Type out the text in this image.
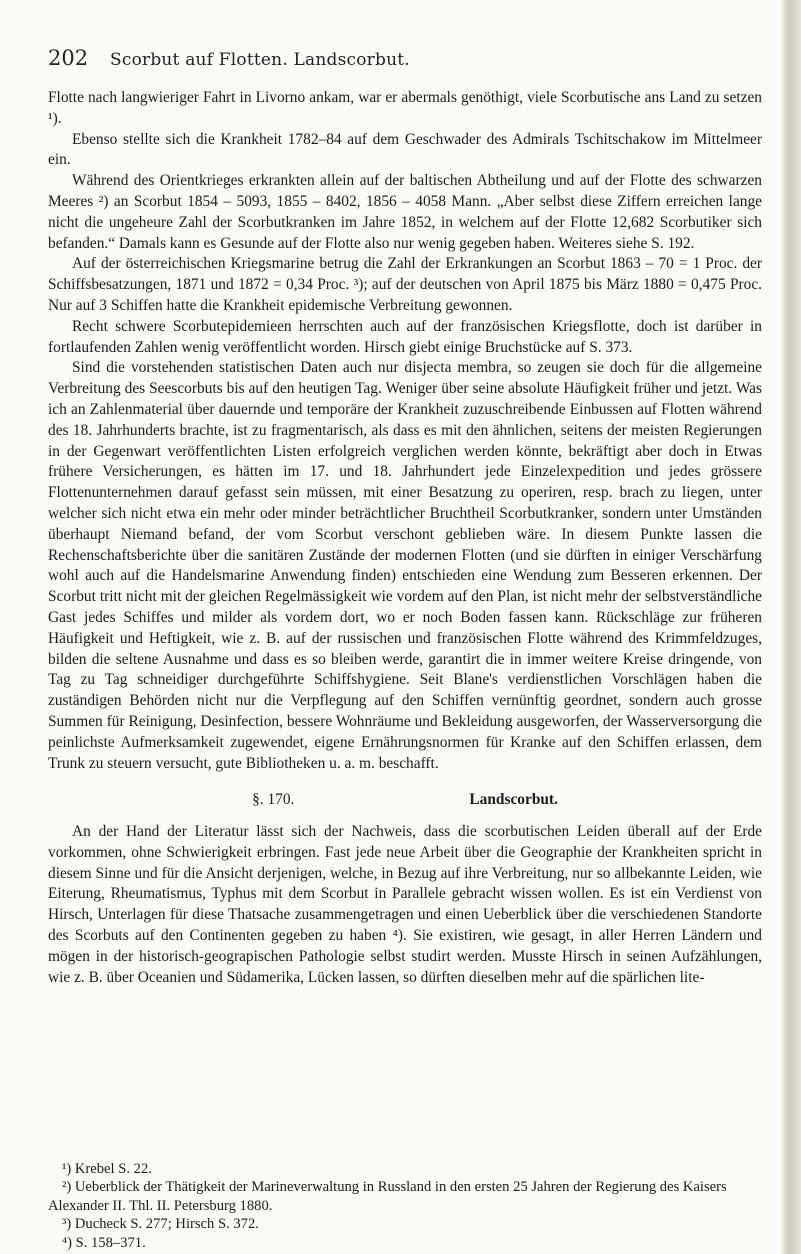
202 Scorbut auf Flotten. Landscorbut.

Flotte nach langwieriger Fahrt in Livorno ankam, war er abermals genöthigt, viele Scorbutische ans Land zu setzen ¹).

Ebenso stellte sich die Krankheit 1782–84 auf dem Geschwader des Admirals Tschitschakow im Mittelmeer ein.

Während des Orientkrieges erkrankten allein auf der baltischen Abtheilung und auf der Flotte des schwarzen Meeres ²) an Scorbut 1854 – 5093, 1855 – 8402, 1856 – 4058 Mann. „Aber selbst diese Ziffern erreichen lange nicht die ungeheure Zahl der Scorbutkranken im Jahre 1852, in welchem auf der Flotte 12,682 Scorbutiker sich befanden.“ Damals kann es Gesunde auf der Flotte also nur wenig gegeben haben. Weiteres siehe S. 192.

Auf der österreichischen Kriegsmarine betrug die Zahl der Erkrankungen an Scorbut 1863 – 70 = 1 Proc. der Schiffsbesatzungen, 1871 und 1872 = 0,34 Proc. ³); auf der deutschen von April 1875 bis März 1880 = 0,475 Proc. Nur auf 3 Schiffen hatte die Krankheit epidemische Verbreitung gewonnen.

Recht schwere Scorbutepidemieen herrschten auch auf der französischen Kriegsflotte, doch ist darüber in fortlaufenden Zahlen wenig veröffentlicht worden. Hirsch giebt einige Bruchstücke auf S. 373.

Sind die vorstehenden statistischen Daten auch nur disjecta membra, so zeugen sie doch für die allgemeine Verbreitung des Seescorbuts bis auf den heutigen Tag. Weniger über seine absolute Häufigkeit früher und jetzt. Was ich an Zahlenmaterial über dauernde und temporäre der Krankheit zuzuschreibende Einbussen auf Flotten während des 18. Jahrhunderts brachte, ist zu fragmentarisch, als dass es mit den ähnlichen, seitens der meisten Regierungen in der Gegenwart veröffentlichten Listen erfolgreich verglichen werden könnte, bekräftigt aber doch in Etwas frühere Versicherungen, es hätten im 17. und 18. Jahrhundert jede Einzelexpedition und jedes grössere Flottenunternehmen darauf gefasst sein müssen, mit einer Besatzung zu operiren, resp. brach zu liegen, unter welcher sich nicht etwa ein mehr oder minder beträchtlicher Bruchtheil Scorbutkranker, sondern unter Umständen überhaupt Niemand befand, der vom Scorbut verschont geblieben wäre. In diesem Punkte lassen die Rechenschaftsberichte über die sanitären Zustände der modernen Flotten (und sie dürften in einiger Verschärfung wohl auch auf die Handelsmarine Anwendung finden) entschieden eine Wendung zum Besseren erkennen. Der Scorbut tritt nicht mit der gleichen Regelmässigkeit wie vordem auf den Plan, ist nicht mehr der selbstverständliche Gast jedes Schiffes und milder als vordem dort, wo er noch Boden fassen kann. Rückschläge zur früheren Häufigkeit und Heftigkeit, wie z. B. auf der russischen und französischen Flotte während des Krimmfeldzuges, bilden die seltene Ausnahme und dass es so bleiben werde, garantirt die in immer weitere Kreise dringende, von Tag zu Tag schneidiger durchgeführte Schiffshygiene. Seit Blane's verdienstlichen Vorschlägen haben die zuständigen Behörden nicht nur die Verpflegung auf den Schiffen vernünftig geordnet, sondern auch grosse Summen für Reinigung, Desinfection, bessere Wohnräume und Bekleidung ausgeworfen, der Wasserversorgung die peinlichste Aufmerksamkeit zugewendet, eigene Ernährungsnormen für Kranke auf den Schiffen erlassen, dem Trunk zu steuern versucht, gute Bibliotheken u. a. m. beschafft.

§. 170.	Landscorbut.

An der Hand der Literatur lässt sich der Nachweis, dass die scorbutischen Leiden überall auf der Erde vorkommen, ohne Schwierigkeit erbringen. Fast jede neue Arbeit über die Geographie der Krankheiten spricht in diesem Sinne und für die Ansicht derjenigen, welche, in Bezug auf ihre Verbreitung, nur so allbekannte Leiden, wie Eiterung, Rheumatismus, Typhus mit dem Scorbut in Parallele gebracht wissen wollen. Es ist ein Verdienst von Hirsch, Unterlagen für diese Thatsache zusammengetragen und einen Ueberblick über die verschiedenen Standorte des Scorbuts auf den Continenten gegeben zu haben ⁴). Sie existiren, wie gesagt, in aller Herren Ländern und mögen in der historisch-geograpischen Pathologie selbst studirt werden. Musste Hirsch in seinen Aufzählungen, wie z. B. über Oceanien und Südamerika, Lücken lassen, so dürften dieselben mehr auf die spärlichen lite-

¹) Krebel S. 22.

²) Ueberblick der Thätigkeit der Marineverwaltung in Russland in den ersten 25 Jahren der Regierung des Kaisers Alexander II. Thl. II. Petersburg 1880.

³) Ducheck S. 277; Hirsch S. 372.

⁴) S. 158–371.
